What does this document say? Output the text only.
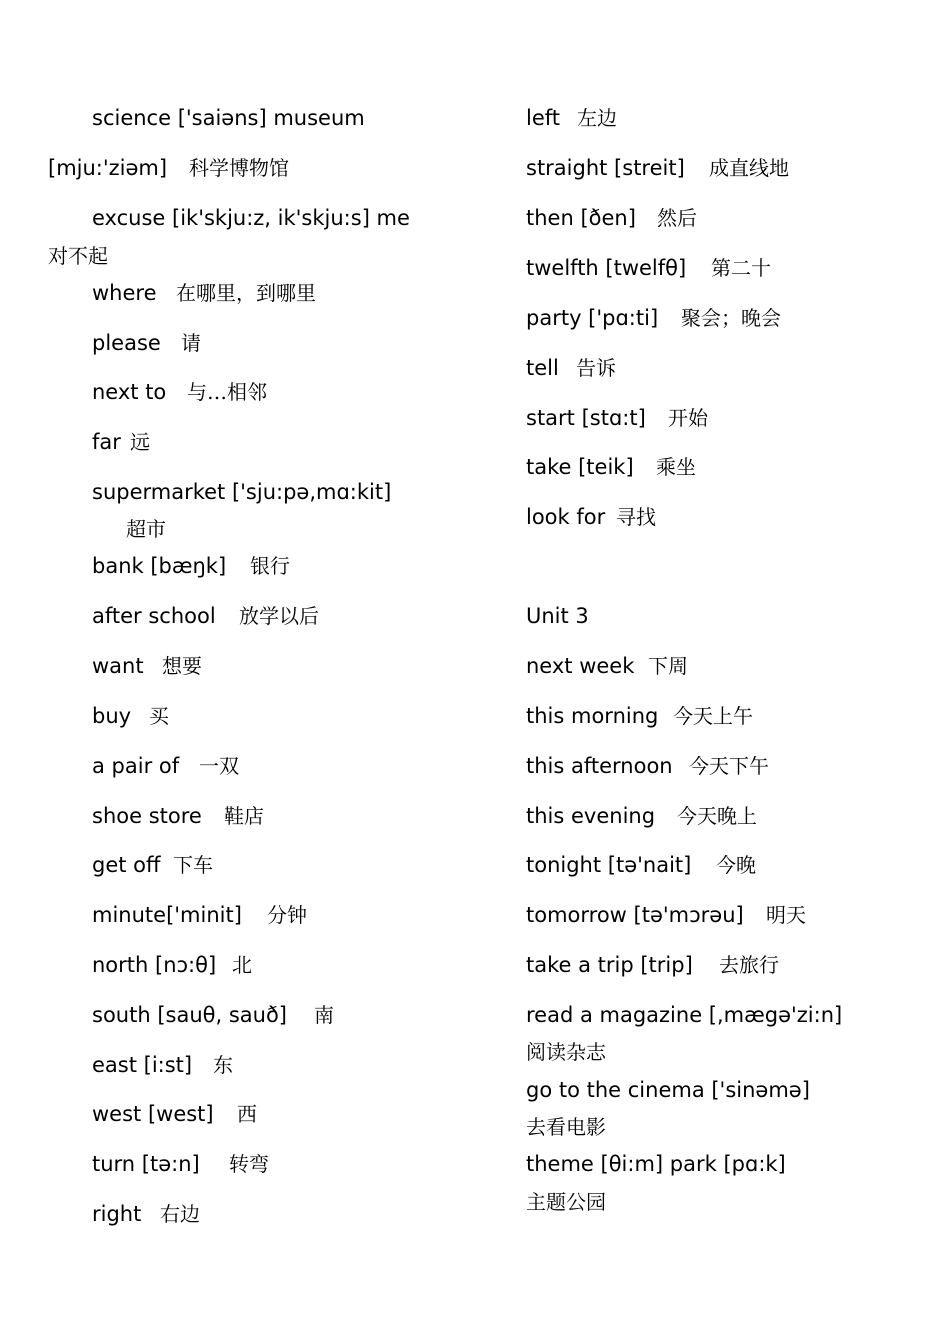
science ['saiəns] museum
[mju:'ziəm] 科学博物馆
excuse [ik'skju:z, ik'skju:s] me
对不起
where 在哪里，到哪里
please 请
next to 与…相邻
far 远
supermarket ['sju:pə,mɑ:kit]
超市
bank [bæŋk] 银行
after school 放学以后
want 想要
buy 买
a pair of 一双
shoe store 鞋店
get off 下车
minute['minit] 分钟
north [nɔ:θ] 北
south [sauθ, sauð] 南
east [i:st] 东
west [west] 西
turn [tə:n] 转弯
right 右边
left 左边
straight [streit] 成直线地
then [ðen] 然后
twelfth [twelfθ] 第二十
party ['pɑ:ti] 聚会；晚会
tell 告诉
start [stɑ:t] 开始
take [teik] 乘坐
look for 寻找
Unit 3
next week 下周
this morning 今天上午
this afternoon 今天下午
this evening 今天晚上
tonight [tə'nait] 今晚
tomorrow [tə'mɔrəu] 明天
take a trip [trip] 去旅行
read a magazine [,mægə'zi:n]
阅读杂志
go to the cinema ['sinəmə]
去看电影
theme [θi:m] park [pɑ:k]
主题公园
